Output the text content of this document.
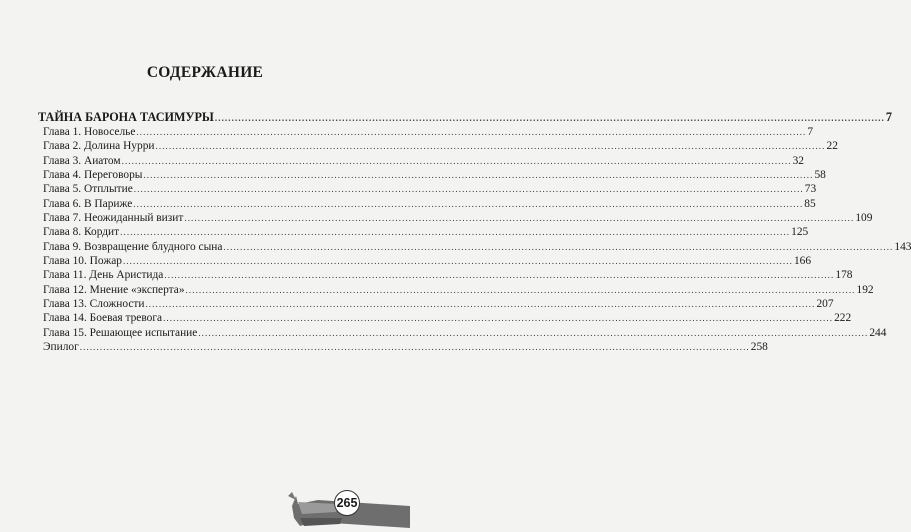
СОДЕРЖАНИЕ
ТАЙНА БАРОНА ТАСИМУРЫ ........................................................................................................................................................................................................ 7
Глава 1. Новоселье ........................................................................................................................................................................................................ 7
Глава 2. Долина Нурри ........................................................................................................................................................................................................ 22
Глава 3. Аиатом ........................................................................................................................................................................................................ 32
Глава 4. Переговоры ........................................................................................................................................................................................................ 58
Глава 5. Отплытие ........................................................................................................................................................................................................ 73
Глава 6. В Париже ........................................................................................................................................................................................................ 85
Глава 7. Неожиданный визит ........................................................................................................................................................................................................ 109
Глава 8. Кордит ........................................................................................................................................................................................................ 125
Глава 9. Возвращение блудного сына ........................................................................................................................................................................................................ 143
Глава 10. Пожар ........................................................................................................................................................................................................ 166
Глава 11. День Аристида ........................................................................................................................................................................................................ 178
Глава 12. Мнение «эксперта» ........................................................................................................................................................................................................ 192
Глава 13. Сложности ........................................................................................................................................................................................................ 207
Глава 14. Боевая тревога ........................................................................................................................................................................................................ 222
Глава 15. Решающее испытание ........................................................................................................................................................................................................ 244
Эпилог ........................................................................................................................................................................................................ 258
265
